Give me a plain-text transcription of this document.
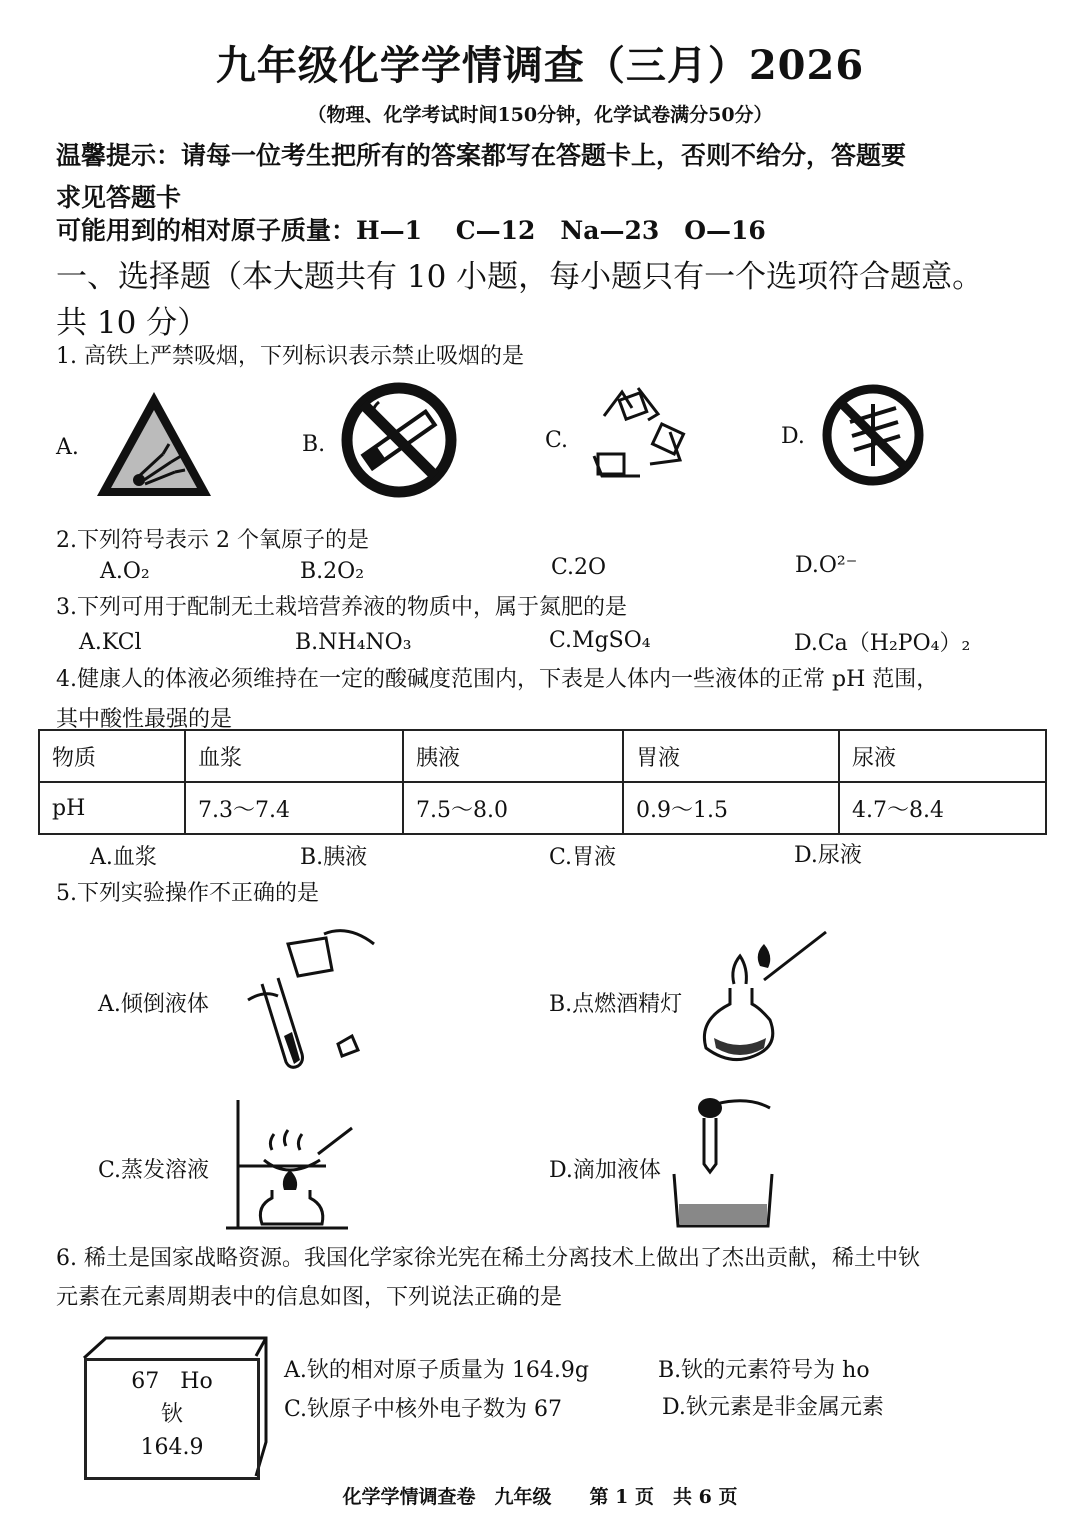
九年级化学学情调查（三月）2026
（物理、化学考试时间150分钟，化学试卷满分50分）
温馨提示：请每一位考生把所有的答案都写在答题卡上，否则不给分，答题要
求见答题卡
可能用到的相对原子质量：H—1　 C—12　Na—23　O—16
一、选择题（本大题共有 10 小题，每小题只有一个选项符合题意。
共 10 分）
1. 高铁上严禁吸烟，下列标识表示禁止吸烟的是
A.	B.	C.	D.
2.下列符号表示 2 个氧原子的是
A.O₂	B.2O₂	C.2O	D.O²⁻
3.下列可用于配制无土栽培营养液的物质中，属于氮肥的是
A.KCl	B.NH₄NO₃	C.MgSO₄	D.Ca（H₂PO₄）₂
4.健康人的体液必须维持在一定的酸碱度范围内，下表是人体内一些液体的正常 pH 范围，
其中酸性最强的是
物质	血浆	胰液	胃液	尿液
pH	7.3～7.4	7.5～8.0	0.9～1.5	4.7～8.4
A.血浆	B.胰液	C.胃液	D.尿液
5.下列实验操作不正确的是
A.倾倒液体	B.点燃酒精灯
C.蒸发溶液	D.滴加液体
6. 稀土是国家战略资源。我国化学家徐光宪在稀土分离技术上做出了杰出贡献，稀土中钬
元素在元素周期表中的信息如图，下列说法正确的是
67 Ho
钬
164.9
A.钬的相对原子质量为 164.9g	B.钬的元素符号为 ho
C.钬原子中核外电子数为 67	D.钬元素是非金属元素
化学学情调查卷　九年级　　第 1 页　共 6 页
